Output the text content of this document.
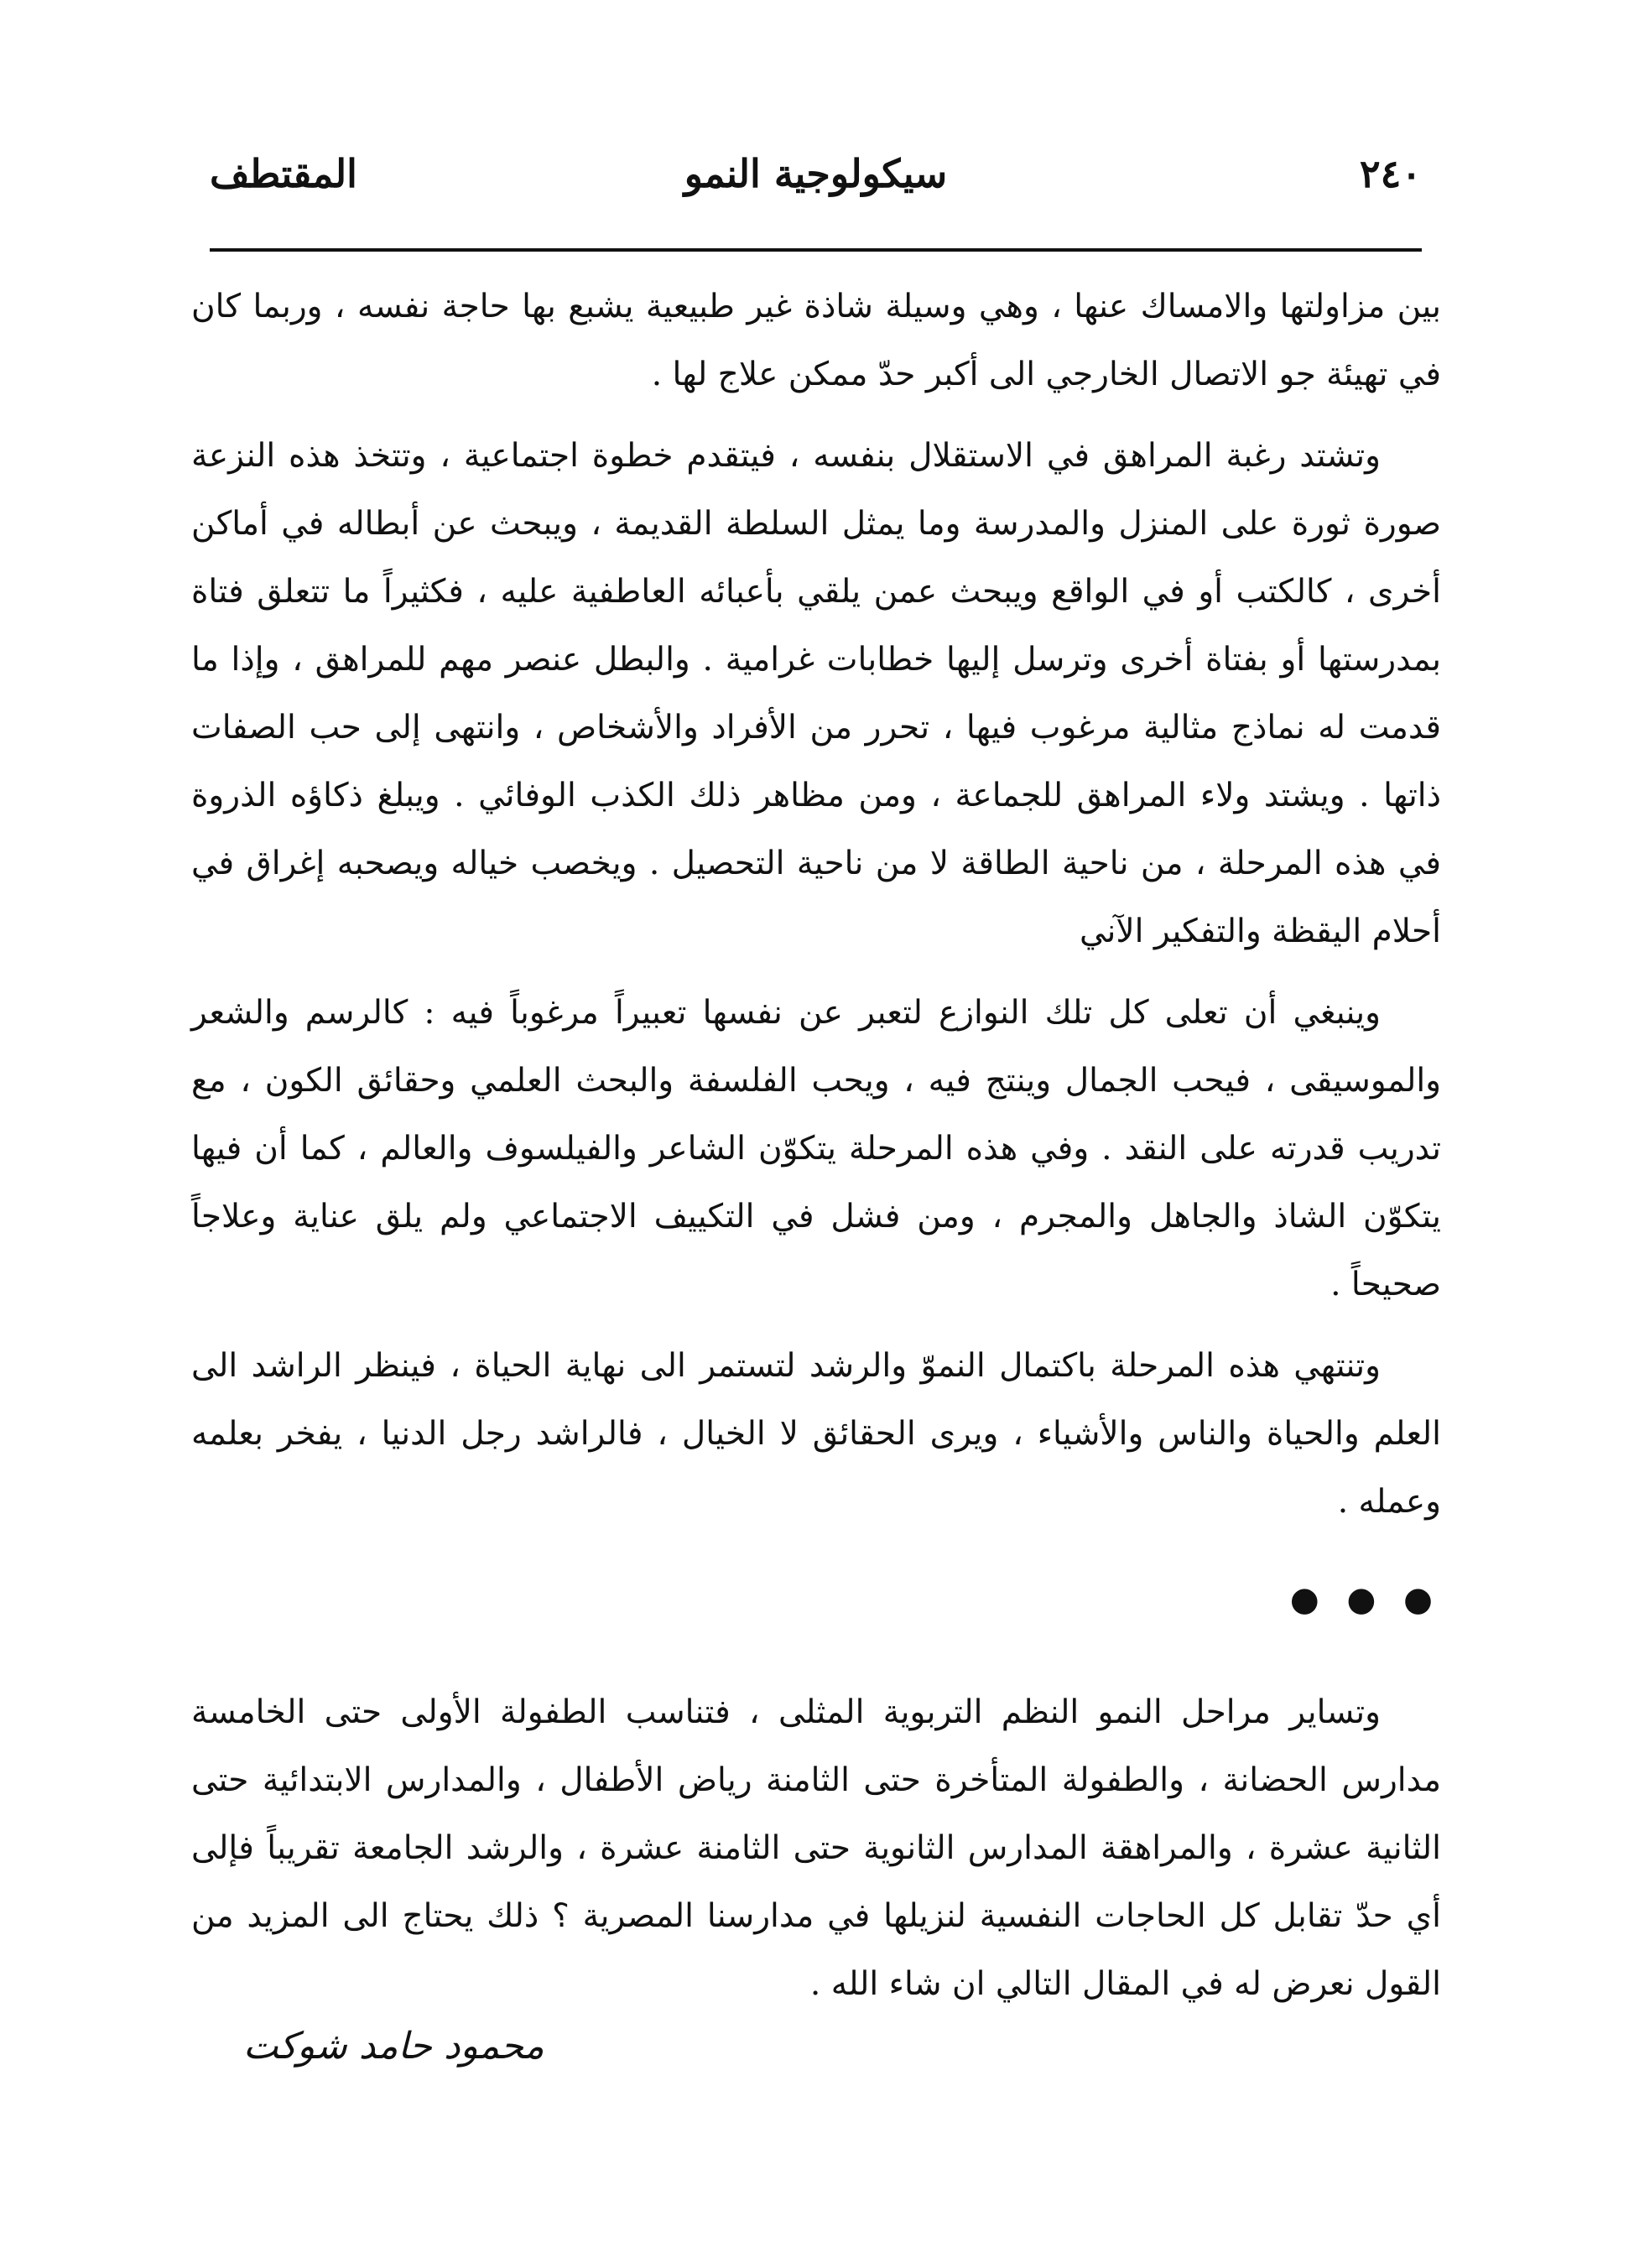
٢٤٠
سيكولوجية النمو
المقتطف

بين مزاولتها والامساك عنها ، وهي وسيلة شاذة غير طبيعية يشبع بها حاجة نفسه ، وربما كان في تهيئة جو الاتصال الخارجي الى أكبر حدّ ممكن علاج لها .

وتشتد رغبة المراهق في الاستقلال بنفسه ، فيتقدم خطوة اجتماعية ، وتتخذ هذه النزعة صورة ثورة على المنزل والمدرسة وما يمثل السلطة القديمة ، ويبحث عن أبطاله في أماكن أخرى ، كالكتب أو في الواقع ويبحث عمن يلقي بأعبائه العاطفية عليه ، فكثيراً ما تتعلق فتاة بمدرستها أو بفتاة أخرى وترسل إليها خطابات غرامية . والبطل عنصر مهم للمراهق ، وإذا ما قدمت له نماذج مثالية مرغوب فيها ، تحرر من الأفراد والأشخاص ، وانتهى إلى حب الصفات ذاتها . ويشتد ولاء المراهق للجماعة ، ومن مظاهر ذلك الكذب الوفائي . ويبلغ ذكاؤه الذروة في هذه المرحلة ، من ناحية الطاقة لا من ناحية التحصيل . ويخصب خياله ويصحبه إغراق في أحلام اليقظة والتفكير الآني

وينبغي أن تعلى كل تلك النوازع لتعبر عن نفسها تعبيراً مرغوباً فيه : كالرسم والشعر والموسيقى ، فيحب الجمال وينتج فيه ، ويحب الفلسفة والبحث العلمي وحقائق الكون ، مع تدريب قدرته على النقد . وفي هذه المرحلة يتكوّن الشاعر والفيلسوف والعالم ، كما أن فيها يتكوّن الشاذ والجاهل والمجرم ، ومن فشل في التكييف الاجتماعي ولم يلق عناية وعلاجاً صحيحاً .

وتنتهي هذه المرحلة باكتمال النموّ والرشد لتستمر الى نهاية الحياة ، فينظر الراشد الى العلم والحياة والناس والأشياء ، ويرى الحقائق لا الخيال ، فالراشد رجل الدنيا ، يفخر بعلمه وعمله .

● ● ●

وتساير مراحل النمو النظم التربوية المثلى ، فتناسب الطفولة الأولى حتى الخامسة مدارس الحضانة ، والطفولة المتأخرة حتى الثامنة رياض الأطفال ، والمدارس الابتدائية حتى الثانية عشرة ، والمراهقة المدارس الثانوية حتى الثامنة عشرة ، والرشد الجامعة تقريباً فإلى أي حدّ تقابل كل الحاجات النفسية لنزيلها في مدارسنا المصرية ؟ ذلك يحتاج الى المزيد من القول نعرض له في المقال التالي ان شاء الله .

محمود حامد شوكت
